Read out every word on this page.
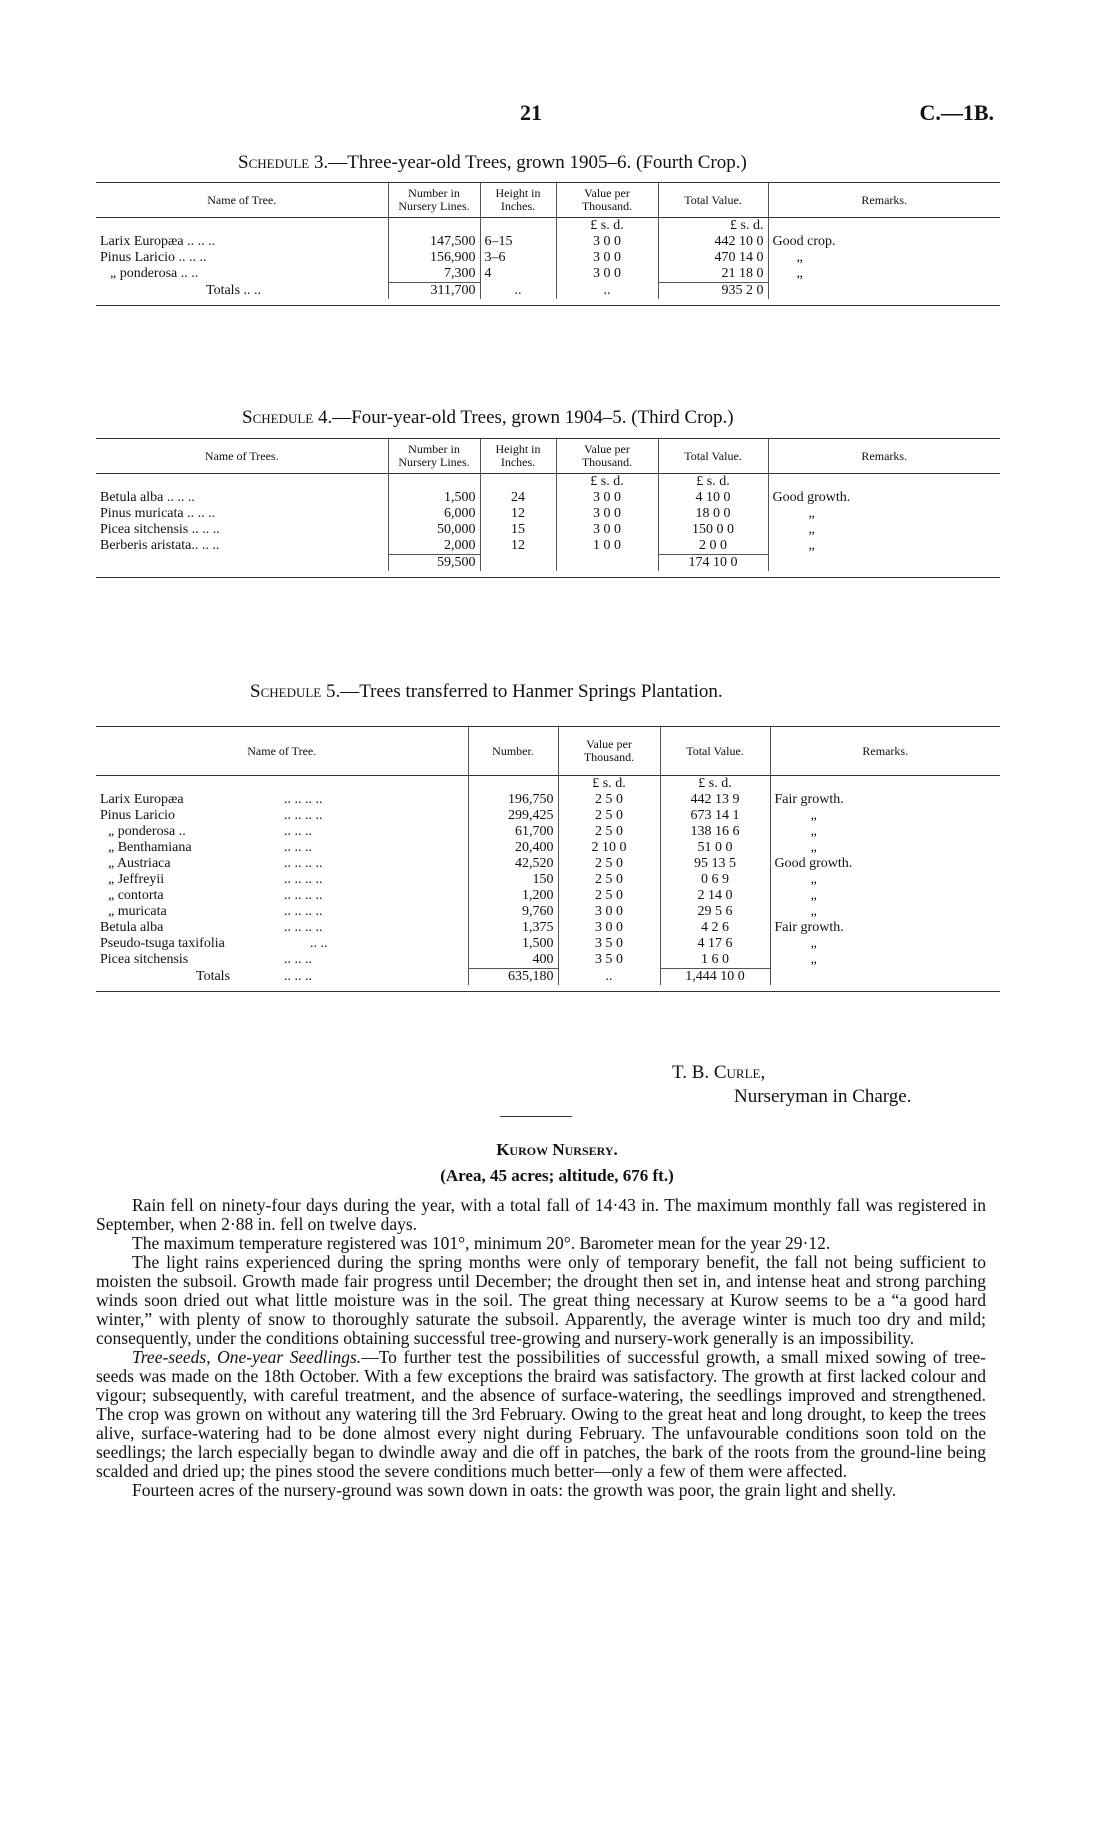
21	C.—1B.
Schedule 3.—Three-year-old Trees, grown 1905–6. (Fourth Crop.)
Name of Tree.	Number in Nursery Lines.	Height in Inches.	Value per Thousand.	Total Value.	Remarks.
			£ s. d.	£ s. d.	
Larix Europæa .. .. ..	147,500	6–15	3 0 0	442 10 0	Good crop.
Pinus Laricio .. .. ..	156,900	3–6	3 0 0	470 14 0	„
„ ponderosa .. ..	7,300	4	3 0 0	21 18 0	„
Totals .. ..	311,700	..	..	935 2 0	

Schedule 4.—Four-year-old Trees, grown 1904–5. (Third Crop.)
Name of Trees.	Number in Nursery Lines.	Height in Inches.	Value per Thousand.	Total Value.	Remarks.
			£ s. d.	£ s. d.	
Betula alba .. .. ..	1,500	24	3 0 0	4 10 0	Good growth.
Pinus muricata .. .. ..	6,000	12	3 0 0	18 0 0	„
Picea sitchensis .. .. ..	50,000	15	3 0 0	150 0 0	„
Berberis aristata.. .. ..	2,000	12	1 0 0	2 0 0	„
	59,500			174 10 0	

Schedule 5.—Trees transferred to Hanmer Springs Plantation.
Name of Tree.		Number.	Value per Thousand.	Total Value.	Remarks.
			£ s. d.	£ s. d.	
Larix Europæa	.. .. .. ..	196,750	2 5 0	442 13 9	Fair growth.
Pinus Laricio	.. .. .. ..	299,425	2 5 0	673 14 1	„
„ ponderosa ..	.. .. ..	61,700	2 5 0	138 16 6	„
„ Benthamiana	.. .. ..	20,400	2 10 0	51 0 0	„
„ Austriaca	.. .. .. ..	42,520	2 5 0	95 13 5	Good growth.
„ Jeffreyii	.. .. .. ..	150	2 5 0	0 6 9	„
„ contorta	.. .. .. ..	1,200	2 5 0	2 14 0	„
„ muricata	.. .. .. ..	9,760	3 0 0	29 5 6	„
Betula alba	.. .. .. ..	1,375	3 0 0	4 2 6	Fair growth.
Pseudo-tsuga taxifolia	.. ..	1,500	3 5 0	4 17 6	„
Picea sitchensis	.. .. ..	400	3 5 0	1 6 0	„
Totals	.. .. ..	635,180	..	1,444 10 0	

T. B. Curle,
Nurseryman in Charge.
Kurow Nursery.
(Area, 45 acres; altitude, 676 ft.)

Rain fell on ninety-four days during the year, with a total fall of 14·43 in. The maximum monthly fall was registered in September, when 2·88 in. fell on twelve days.

The maximum temperature registered was 101°, minimum 20°. Barometer mean for the year 29·12.

The light rains experienced during the spring months were only of temporary benefit, the fall not being sufficient to moisten the subsoil. Growth made fair progress until December; the drought then set in, and intense heat and strong parching winds soon dried out what little moisture was in the soil. The great thing necessary at Kurow seems to be a “a good hard winter,” with plenty of snow to thoroughly saturate the subsoil. Apparently, the average winter is much too dry and mild; consequently, under the conditions obtaining successful tree-growing and nursery-work generally is an impossibility.

Tree-seeds, One-year Seedlings.—To further test the possibilities of successful growth, a small mixed sowing of tree-seeds was made on the 18th October. With a few exceptions the braird was satisfactory. The growth at first lacked colour and vigour; subsequently, with careful treatment, and the absence of surface-watering, the seedlings improved and strengthened. The crop was grown on without any watering till the 3rd February. Owing to the great heat and long drought, to keep the trees alive, surface-watering had to be done almost every night during February. The unfavourable conditions soon told on the seedlings; the larch especially began to dwindle away and die off in patches, the bark of the roots from the ground-line being scalded and dried up; the pines stood the severe conditions much better—only a few of them were affected.

Fourteen acres of the nursery-ground was sown down in oats: the growth was poor, the grain light and shelly.
